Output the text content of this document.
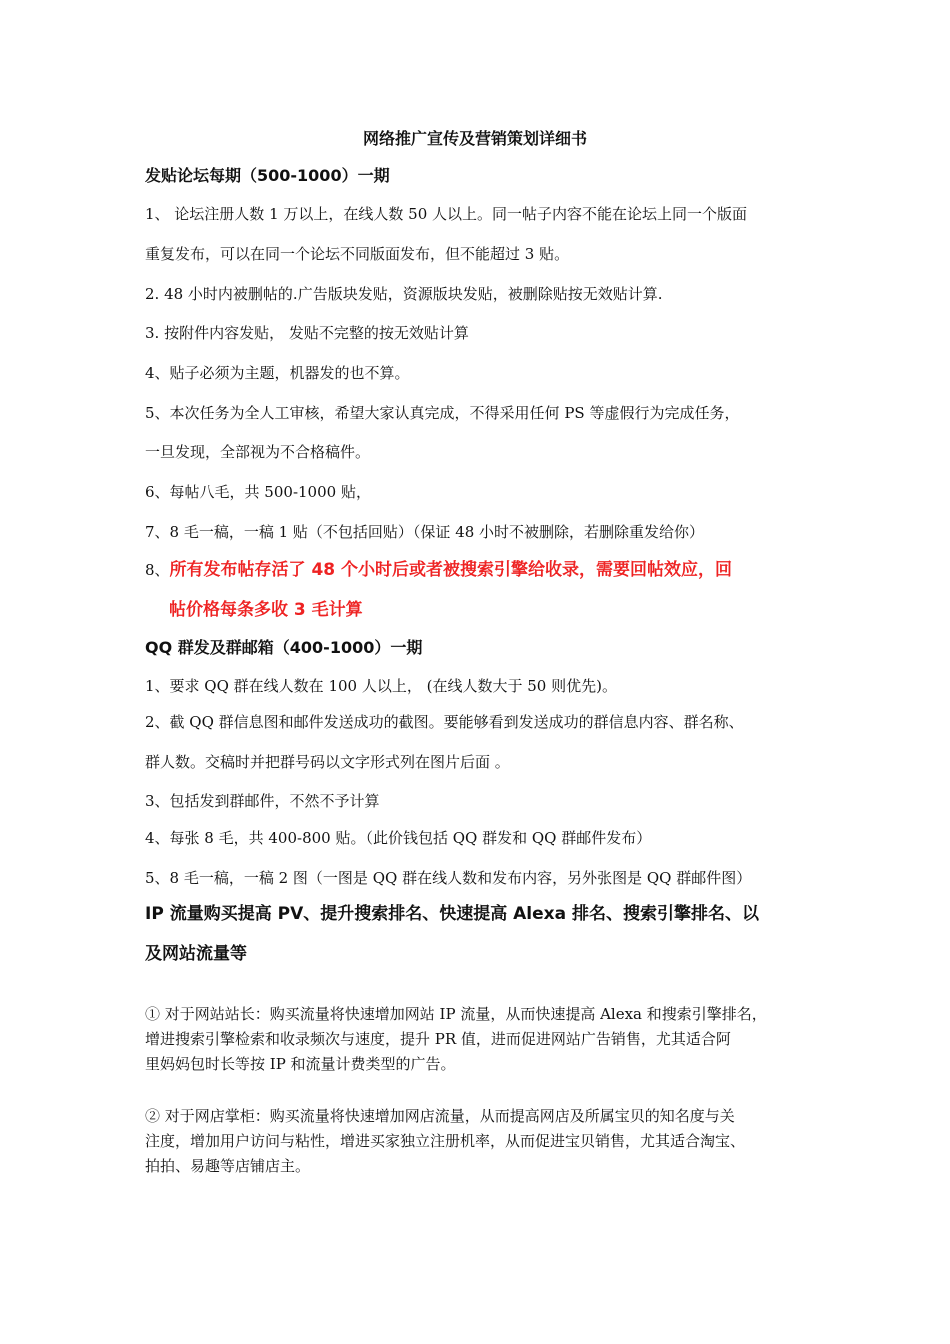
网络推广宣传及营销策划详细书
发贴论坛每期（500-1000）一期
1、 论坛注册人数 1 万以上，在线人数 50 人以上。同一帖子内容不能在论坛上同一个版面
重复发布，可以在同一个论坛不同版面发布，但不能超过 3 贴。
2. 48 小时内被删帖的.广告版块发贴，资源版块发贴，被删除贴按无效贴计算.
3. 按附件内容发贴， 发贴不完整的按无效贴计算
4、贴子必须为主题，机器发的也不算。
5、本次任务为全人工审核，希望大家认真完成，不得采用任何 PS 等虚假行为完成任务，
一旦发现，全部视为不合格稿件。
6、每帖八毛，共 500-1000 贴，
7、8 毛一稿，一稿 1 贴（不包括回贴）（保证 48 小时不被删除，若删除重发给你）
8、所有发布帖存活了 48 个小时后或者被搜索引擎给收录，需要回帖效应，回
帖价格每条多收 3 毛计算
QQ 群发及群邮箱（400-1000）一期
1、要求 QQ 群在线人数在 100 人以上， (在线人数大于 50 则优先)。
2、截 QQ 群信息图和邮件发送成功的截图。要能够看到发送成功的群信息内容、群名称、
群人数。交稿时并把群号码以文字形式列在图片后面 。
3、包括发到群邮件，不然不予计算
4、每张 8 毛，共 400-800 贴。（此价钱包括 QQ 群发和 QQ 群邮件发布）
5、8 毛一稿，一稿 2 图（一图是 QQ 群在线人数和发布内容，另外张图是 QQ 群邮件图）
IP 流量购买提高 PV、提升搜索排名、快速提高 Alexa 排名、搜索引擎排名、以
及网站流量等
① 对于网站站长：购买流量将快速增加网站 IP 流量，从而快速提高 Alexa 和搜索引擎排名，
增进搜索引擎检索和收录频次与速度，提升 PR 值，进而促进网站广告销售，尤其适合阿
里妈妈包时长等按 IP 和流量计费类型的广告。
② 对于网店掌柜：购买流量将快速增加网店流量，从而提高网店及所属宝贝的知名度与关
注度，增加用户访问与粘性，增进买家独立注册机率，从而促进宝贝销售，尤其适合淘宝、
拍拍、易趣等店铺店主。
